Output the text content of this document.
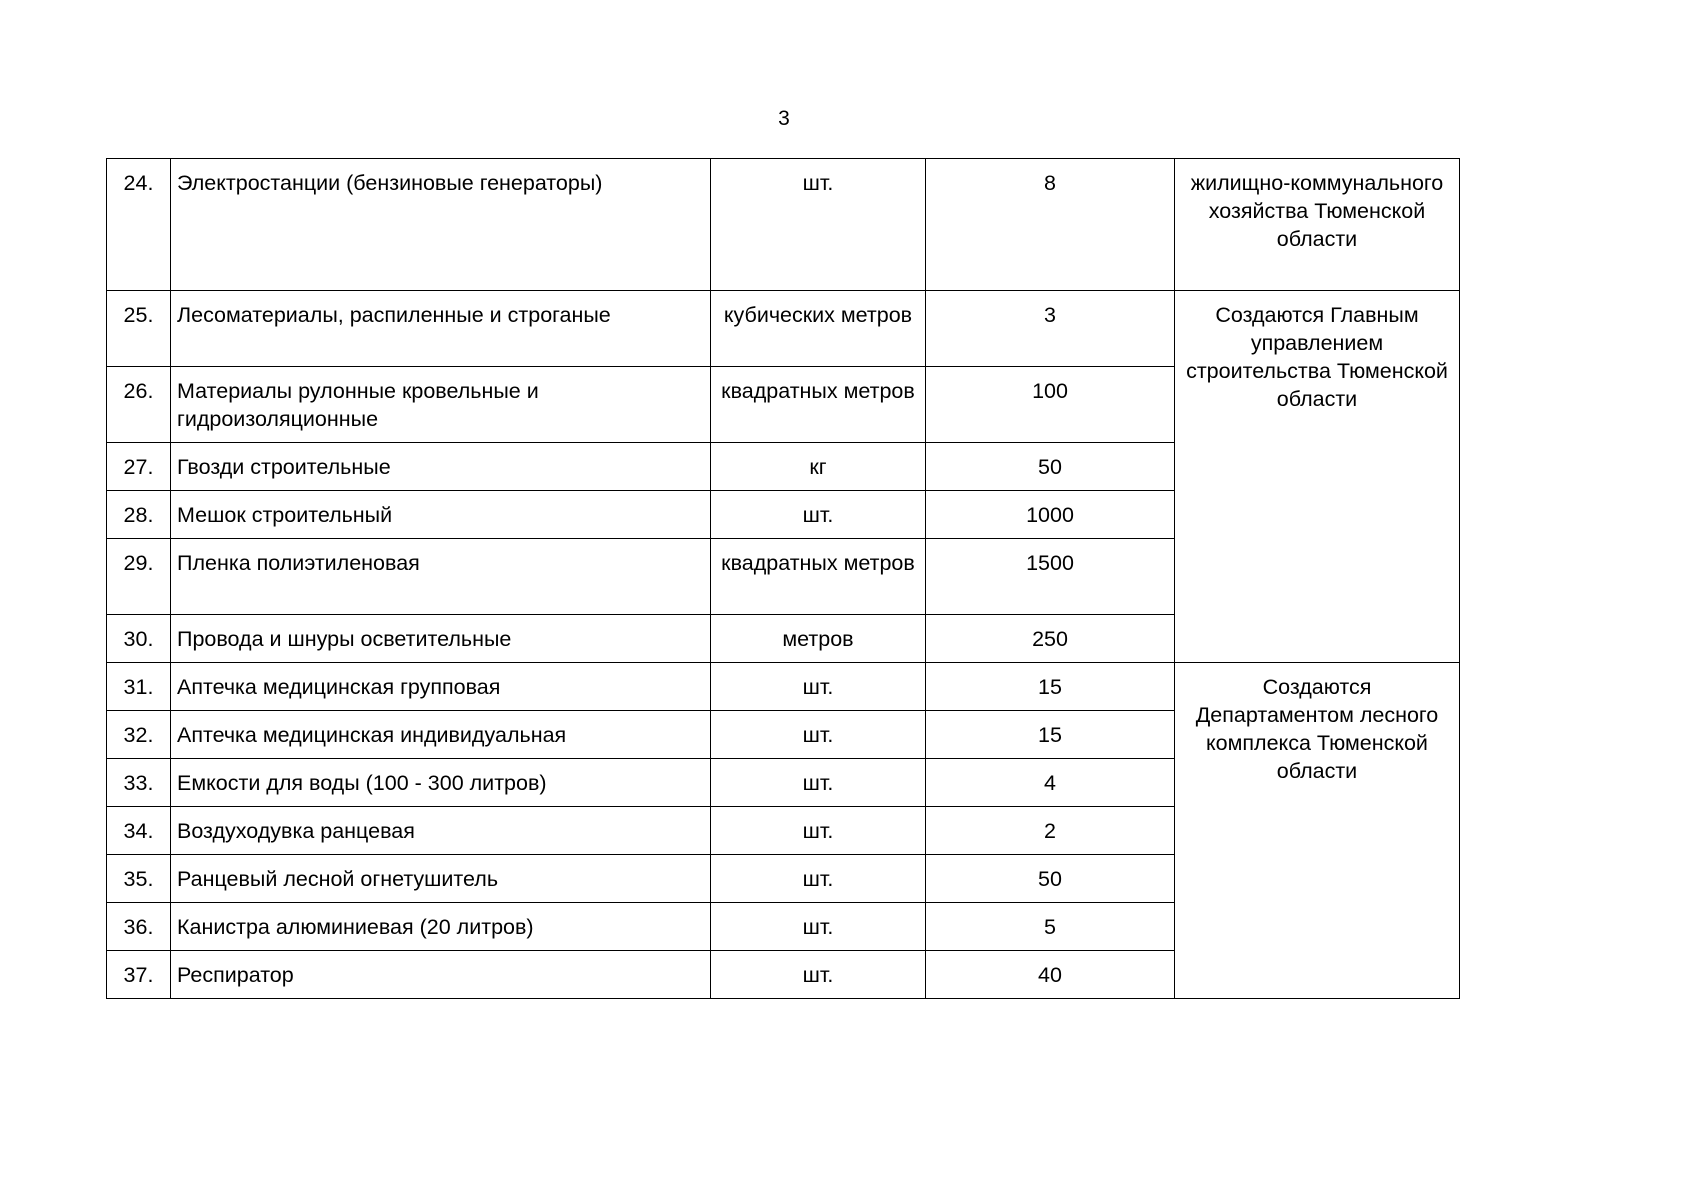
3
24.	Электростанции (бензиновые генераторы)	шт.	8	жилищно-коммунального хозяйства Тюменской области
25.	Лесоматериалы, распиленные и строганые	кубических метров	3	Создаются Главным управлением строительства Тюменской области
26.	Материалы рулонные кровельные и гидроизоляционные	квадратных метров	100	
27.	Гвозди строительные	кг	50	
28.	Мешок строительный	шт.	1000	
29.	Пленка полиэтиленовая	квадратных метров	1500	
30.	Провода и шнуры осветительные	метров	250	
31.	Аптечка медицинская групповая	шт.	15	Создаются Департаментом лесного комплекса Тюменской области
32.	Аптечка медицинская индивидуальная	шт.	15	
33.	Емкости для воды (100 - 300 литров)	шт.	4	
34.	Воздуходувка ранцевая	шт.	2	
35.	Ранцевый лесной огнетушитель	шт.	50	
36.	Канистра алюминиевая (20 литров)	шт.	5	
37.	Респиратор	шт.	40	
